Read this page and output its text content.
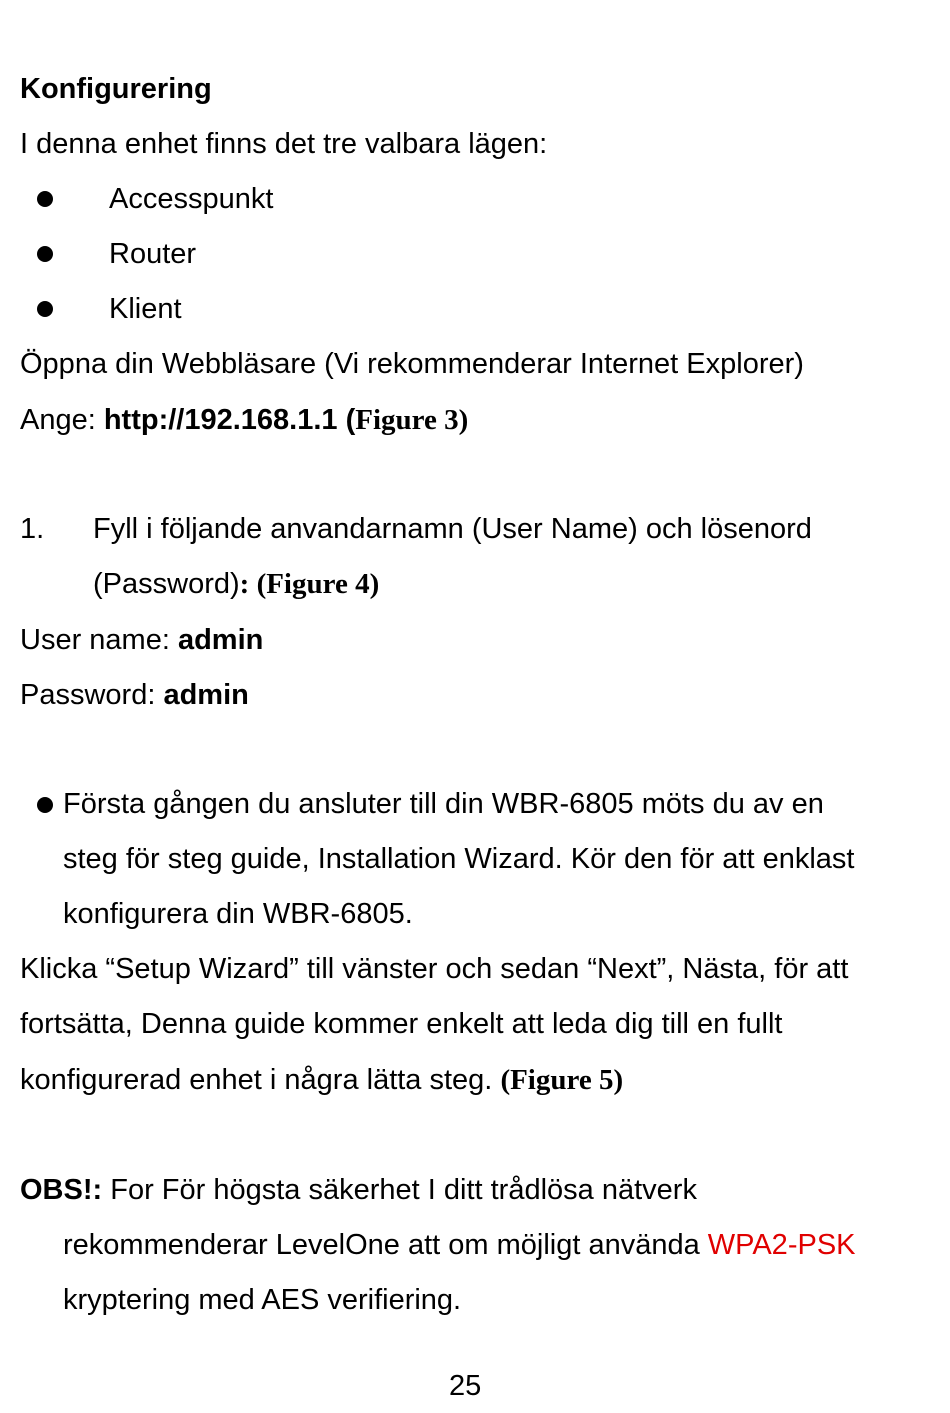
Konfigurering
I denna enhet finns det tre valbara lägen:
Accesspunkt
Router
Klient
Öppna din Webbläsare (Vi rekommenderar Internet Explorer)
Ange: http://192.168.1.1 (Figure 3)
1. Fyll i följande anvandarnamn (User Name) och lösenord
(Password): (Figure 4)
User name: admin
Password: admin
Första gången du ansluter till din WBR-6805 möts du av en
steg för steg guide, Installation Wizard. Kör den för att enklast
konfigurera din WBR-6805.
Klicka “Setup Wizard” till vänster och sedan “Next”, Nästa, för att
fortsätta, Denna guide kommer enkelt att leda dig till en fullt
konfigurerad enhet i några lätta steg. (Figure 5)
OBS!: For För högsta säkerhet I ditt trådlösa nätverk
rekommenderar LevelOne att om möjligt använda WPA2-PSK
kryptering med AES verifiering.
25
